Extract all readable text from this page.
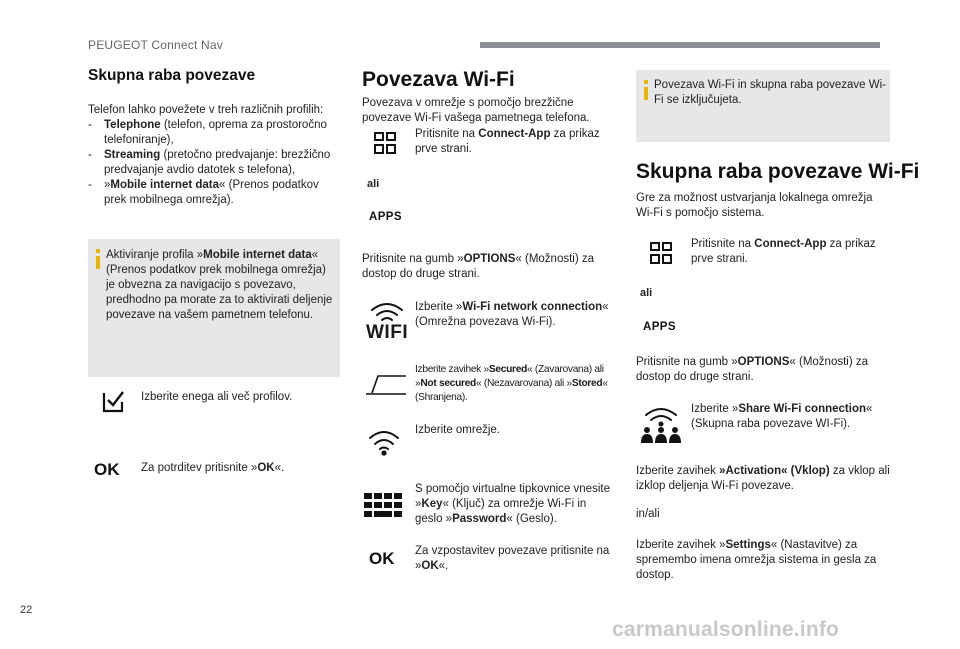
PEUGEOT Connect Nav
Skupna raba povezave
Telefon lahko povežete v treh različnih profilih:
- Telephone (telefon, oprema za prostoročno telefoniranje),
- Streaming (pretočno predvajanje: brezžično predvajanje avdio datotek s telefona),
- »Mobile internet data« (Prenos podatkov prek mobilnega omrežja).
Aktiviranje profila »Mobile internet data« (Prenos podatkov prek mobilnega omrežja) je obvezna za navigacijo s povezavo, predhodno pa morate za to aktivirati deljenje povezave na vašem pametnem telefonu.
Izberite enega ali več profilov.
OK Za potrditev pritisnite »OK«.
Povezava Wi-Fi
Povezava v omrežje s pomočjo brezžične povezave Wi-Fi vašega pametnega telefona.
Pritisnite na Connect-App za prikaz prve strani.
ali
APPS
Pritisnite na gumb »OPTIONS« (Možnosti) za dostop do druge strani.
WIFI
Izberite »Wi-Fi network connection« (Omrežna povezava Wi-Fi).
Izberite zavihek »Secured« (Zavarovana) ali »Not secured« (Nezavarovana) ali »Stored« (Shranjena).
Izberite omrežje.
S pomočjo virtualne tipkovnice vnesite »Key« (Ključ) za omrežje Wi-Fi in geslo »Password« (Geslo).
OK Za vzpostavitev povezave pritisnite na »OK«.
Povezava Wi-Fi in skupna raba povezave Wi-Fi se izključujeta.
Skupna raba povezave Wi-Fi
Gre za možnost ustvarjanja lokalnega omrežja Wi-Fi s pomočjo sistema.
Pritisnite na Connect-App za prikaz prve strani.
ali
APPS
Pritisnite na gumb »OPTIONS« (Možnosti) za dostop do druge strani.
Izberite »Share Wi-Fi connection« (Skupna raba povezave WI-Fi).
Izberite zavihek »Activation« (Vklop) za vklop ali izklop deljenja Wi-Fi povezave.
in/ali
Izberite zavihek »Settings« (Nastavitve) za spremembo imena omrežja sistema in gesla za dostop.
22
carmanualsonline.info
